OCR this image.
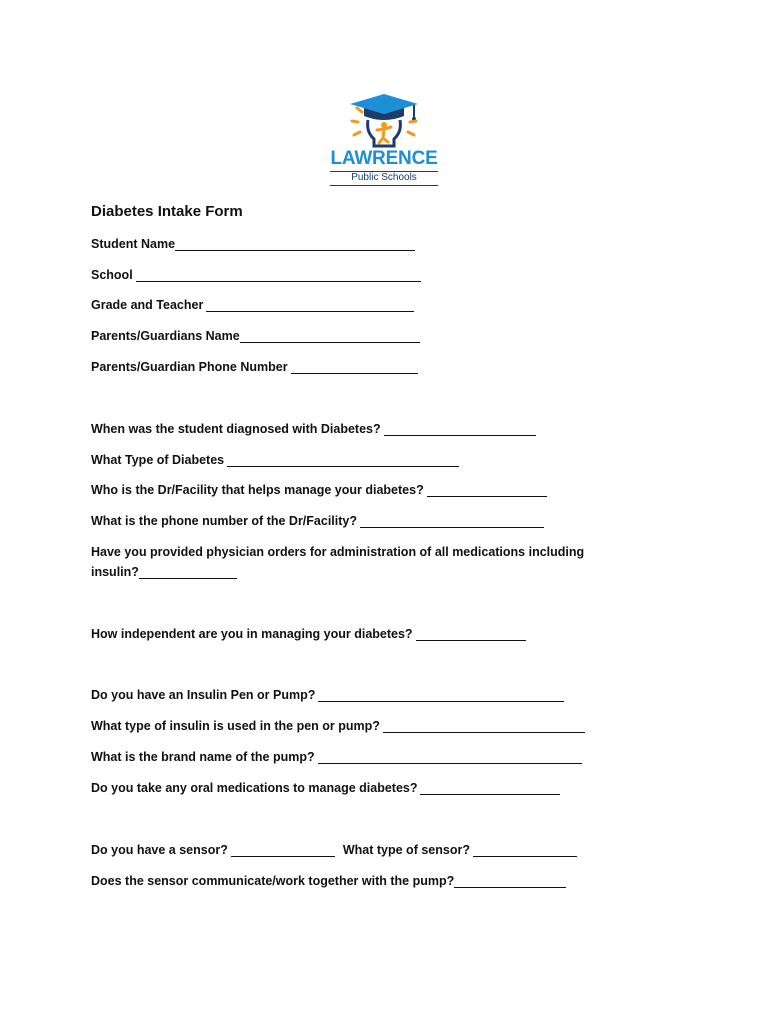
LAWRENCE
Public Schools
Diabetes Intake Form
Student Name
School
Grade and Teacher
Parents/Guardians Name
Parents/Guardian Phone Number
When was the student diagnosed with Diabetes?
What Type of Diabetes
Who is the Dr/Facility that helps manage your diabetes?
What is the phone number of the Dr/Facility?
Have you provided physician orders for administration of all medications including
insulin?
How independent are you in managing your diabetes?
Do you have an Insulin Pen or Pump?
What type of insulin is used in the pen or pump?
What is the brand name of the pump?
Do you take any oral medications to manage diabetes?
Do you have a sensor?	What type of sensor?
Does the sensor communicate/work together with the pump?
